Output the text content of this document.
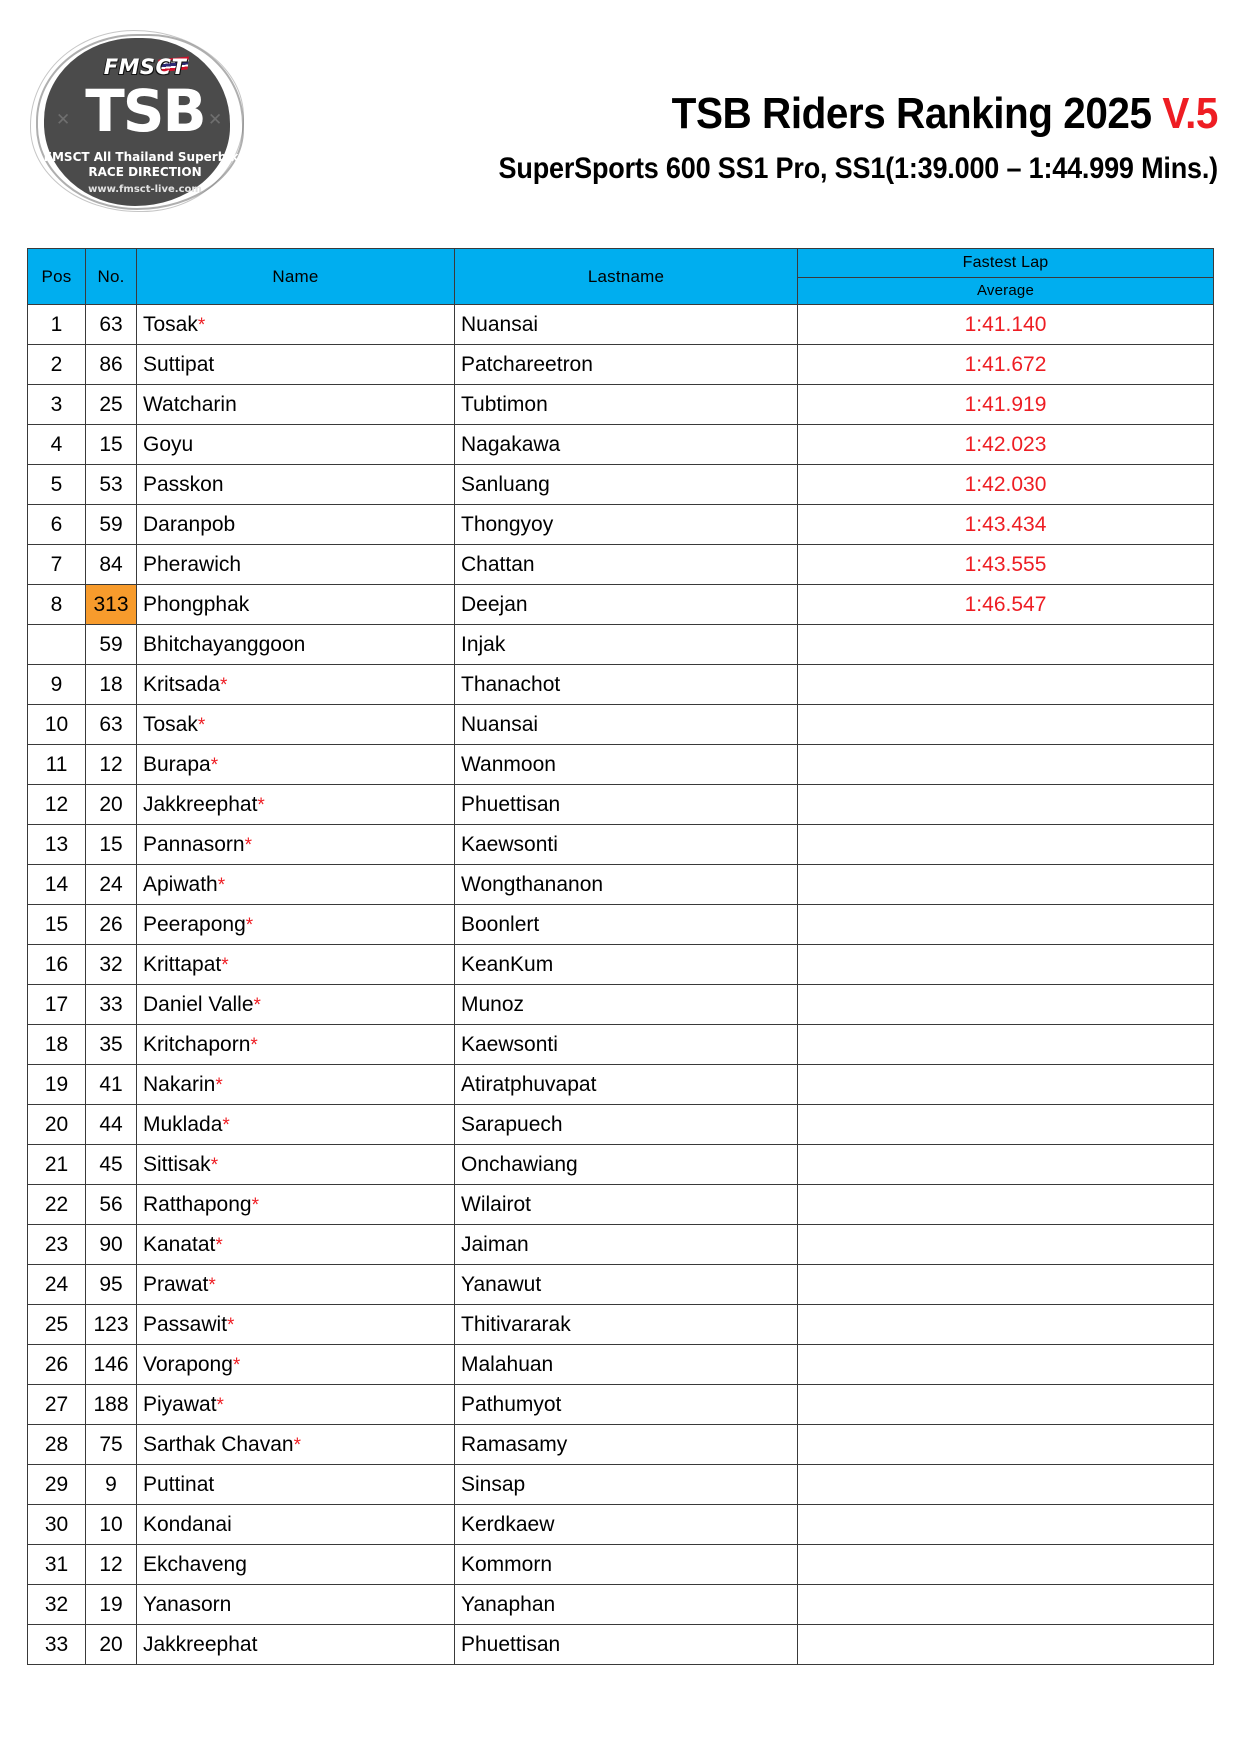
FMSCT
TSB
✕	✕
FMSCT All Thailand Superbike
RACE DIRECTION
www.fmsct-live.com
TSB Riders Ranking 2025 V.5
SuperSports 600 SS1 Pro, SS1(1:39.000 – 1:44.999 Mins.)
Pos	No.	Name	Lastname	Fastest Lap
				Average
1	63	Tosak*	Nuansai	1:41.140
2	86	Suttipat	Patchareetron	1:41.672
3	25	Watcharin	Tubtimon	1:41.919
4	15	Goyu	Nagakawa	1:42.023
5	53	Passkon	Sanluang	1:42.030
6	59	Daranpob	Thongyoy	1:43.434
7	84	Pherawich	Chattan	1:43.555
8	313	Phongphak	Deejan	1:46.547
	59	Bhitchayanggoon	Injak	
9	18	Kritsada*	Thanachot	
10	63	Tosak*	Nuansai	
11	12	Burapa*	Wanmoon	
12	20	Jakkreephat*	Phuettisan	
13	15	Pannasorn*	Kaewsonti	
14	24	Apiwath*	Wongthananon	
15	26	Peerapong*	Boonlert	
16	32	Krittapat*	KeanKum	
17	33	Daniel Valle*	Munoz	
18	35	Kritchaporn*	Kaewsonti	
19	41	Nakarin*	Atiratphuvapat	
20	44	Muklada*	Sarapuech	
21	45	Sittisak*	Onchawiang	
22	56	Ratthapong*	Wilairot	
23	90	Kanatat*	Jaiman	
24	95	Prawat*	Yanawut	
25	123	Passawit*	Thitivararak	
26	146	Vorapong*	Malahuan	
27	188	Piyawat*	Pathumyot	
28	75	Sarthak Chavan*	Ramasamy	
29	9	Puttinat	Sinsap	
30	10	Kondanai	Kerdkaew	
31	12	Ekchaveng	Kommorn	
32	19	Yanasorn	Yanaphan	
33	20	Jakkreephat	Phuettisan	
